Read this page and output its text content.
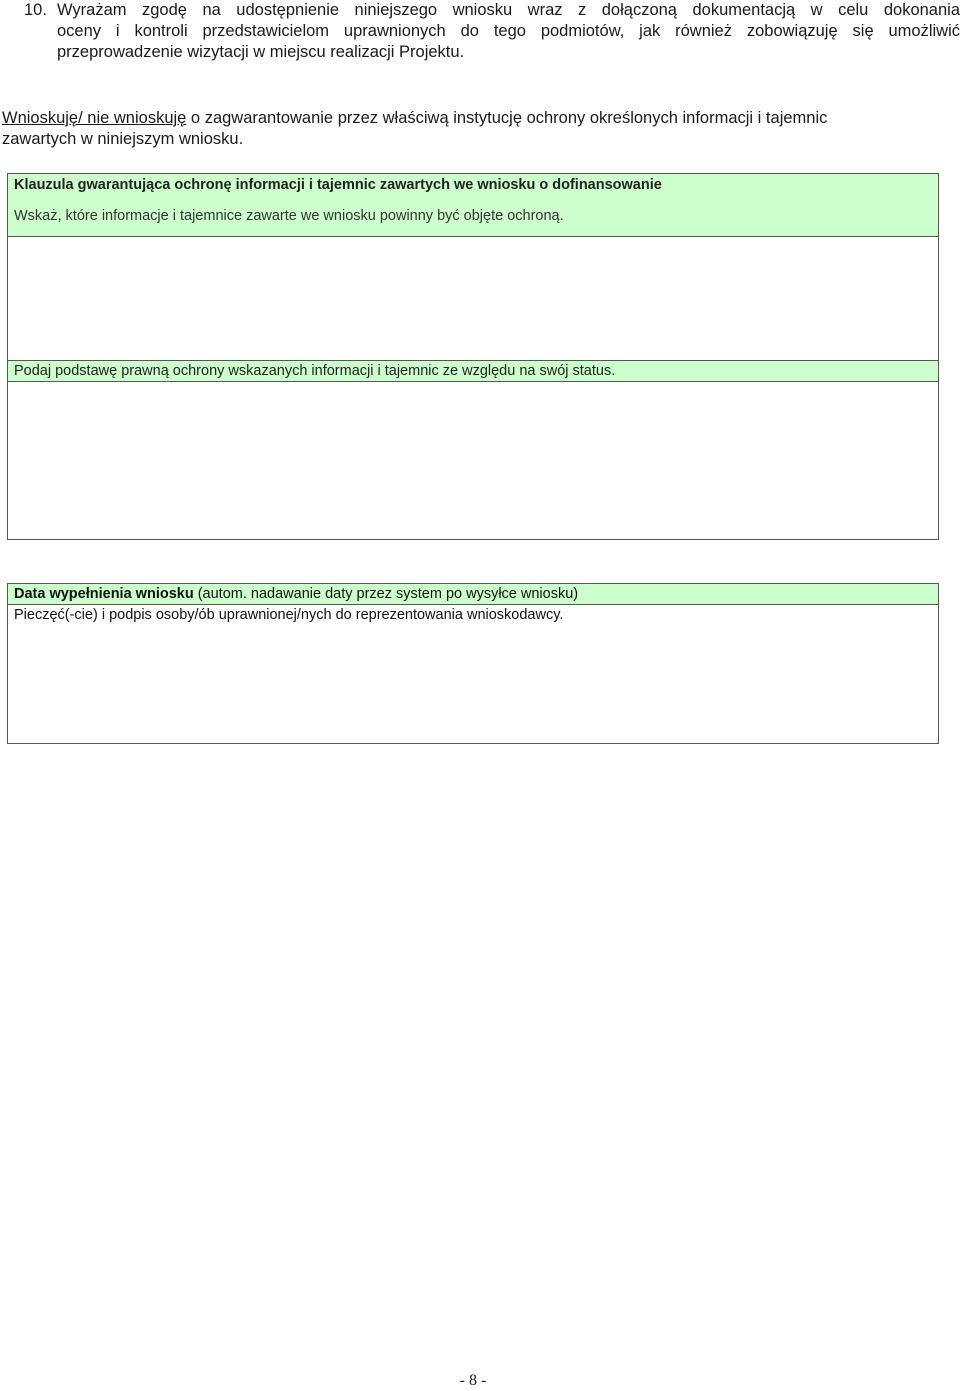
10. Wyrażam zgodę na udostępnienie niniejszego wniosku wraz z dołączoną dokumentacją w celu dokonania
oceny i kontroli przedstawicielom uprawnionych do tego podmiotów, jak również zobowiązuję się umożliwić
przeprowadzenie wizytacji w miejscu realizacji Projektu.
Wnioskuję/ nie wnioskuję o zagwarantowanie przez właściwą instytucję ochrony określonych informacji i tajemnic
zawartych w niniejszym wniosku.
Klauzula gwarantująca ochronę informacji i tajemnic zawartych we wniosku o dofinansowanie
Wskaż, które informacje i tajemnice zawarte we wniosku powinny być objęte ochroną.
Podaj podstawę prawną ochrony wskazanych informacji i tajemnic ze względu na swój status.
Data wypełnienia wniosku (autom. nadawanie daty przez system po wysyłce wniosku)
Pieczęć(-cie) i podpis osoby/ób uprawnionej/nych do reprezentowania wnioskodawcy.
- 8 -
